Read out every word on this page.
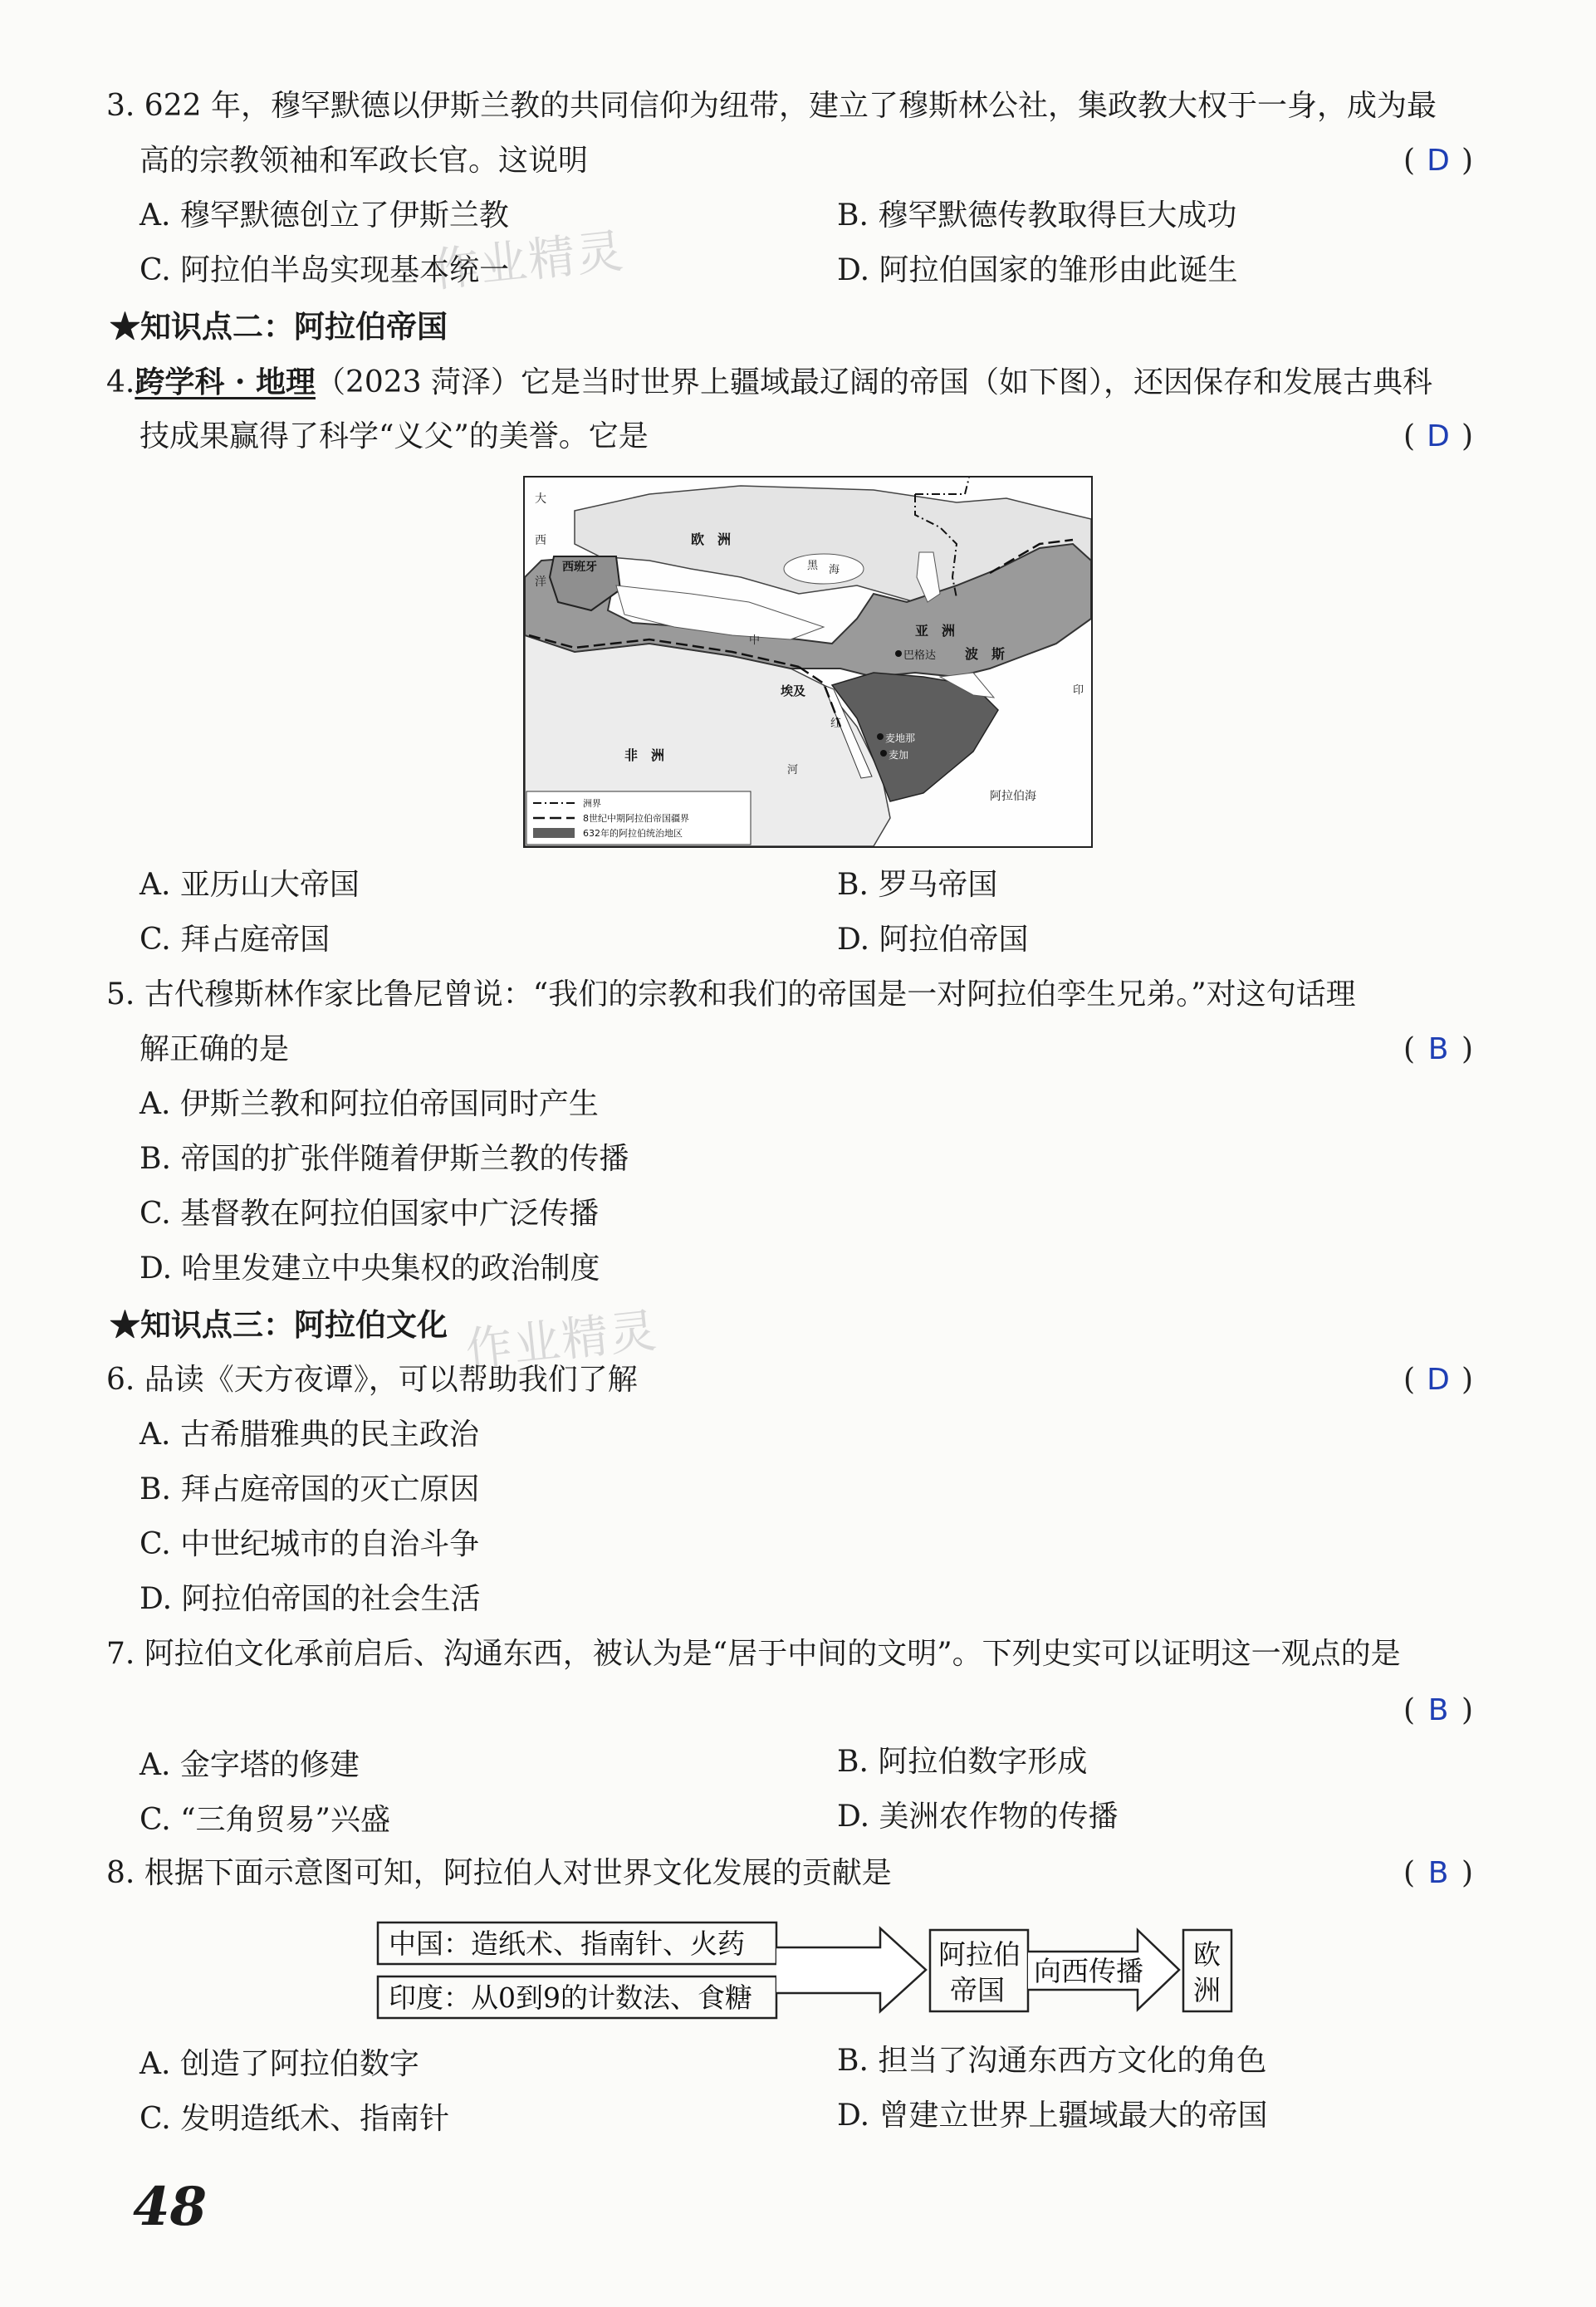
作业精灵
作业精灵
3. 622 年，穆罕默德以伊斯兰教的共同信仰为纽带，建立了穆斯林公社，集政教大权于一身，成为最
高的宗教领袖和军政长官。这说明	( D )
A. 穆罕默德创立了伊斯兰教	B. 穆罕默德传教取得巨大成功
C. 阿拉伯半岛实现基本统一	D. 阿拉伯国家的雏形由此诞生
★知识点二：阿拉伯帝国
4.跨学科 · 地理（2023 菏泽）它是当时世界上疆域最辽阔的帝国（如下图），还因保存和发展古典科
技成果赢得了科学“义父”的美誉。它是	( D )
大
西
洋
欧　洲
西班牙
亚　洲
巴格达 波　斯
埃及
麦地那
麦加
阿拉伯海
非　洲
中
黑 海
红
河
印
洲界
8世纪中期阿拉伯帝国疆界
632年的阿拉伯统治地区
A. 亚历山大帝国	B. 罗马帝国
C. 拜占庭帝国	D. 阿拉伯帝国
5. 古代穆斯林作家比鲁尼曾说：“我们的宗教和我们的帝国是一对阿拉伯孪生兄弟。”对这句话理
解正确的是	( B )
A. 伊斯兰教和阿拉伯帝国同时产生
B. 帝国的扩张伴随着伊斯兰教的传播
C. 基督教在阿拉伯国家中广泛传播
D. 哈里发建立中央集权的政治制度
★知识点三：阿拉伯文化
6. 品读《天方夜谭》，可以帮助我们了解	( D )
A. 古希腊雅典的民主政治
B. 拜占庭帝国的灭亡原因
C. 中世纪城市的自治斗争
D. 阿拉伯帝国的社会生活
7. 阿拉伯文化承前启后、沟通东西，被认为是“居于中间的文明”。下列史实可以证明这一观点的是
( B )
A. 金字塔的修建	B. 阿拉伯数字形成
C. “三角贸易”兴盛	D. 美洲农作物的传播
8. 根据下面示意图可知，阿拉伯人对世界文化发展的贡献是	( B )
中国：造纸术、指南针、火药
印度：从0到9的计数法、食糖
阿拉伯
帝国
向西传播
欧
洲
A. 创造了阿拉伯数字	B. 担当了沟通东西方文化的角色
C. 发明造纸术、指南针	D. 曾建立世界上疆域最大的帝国
48
